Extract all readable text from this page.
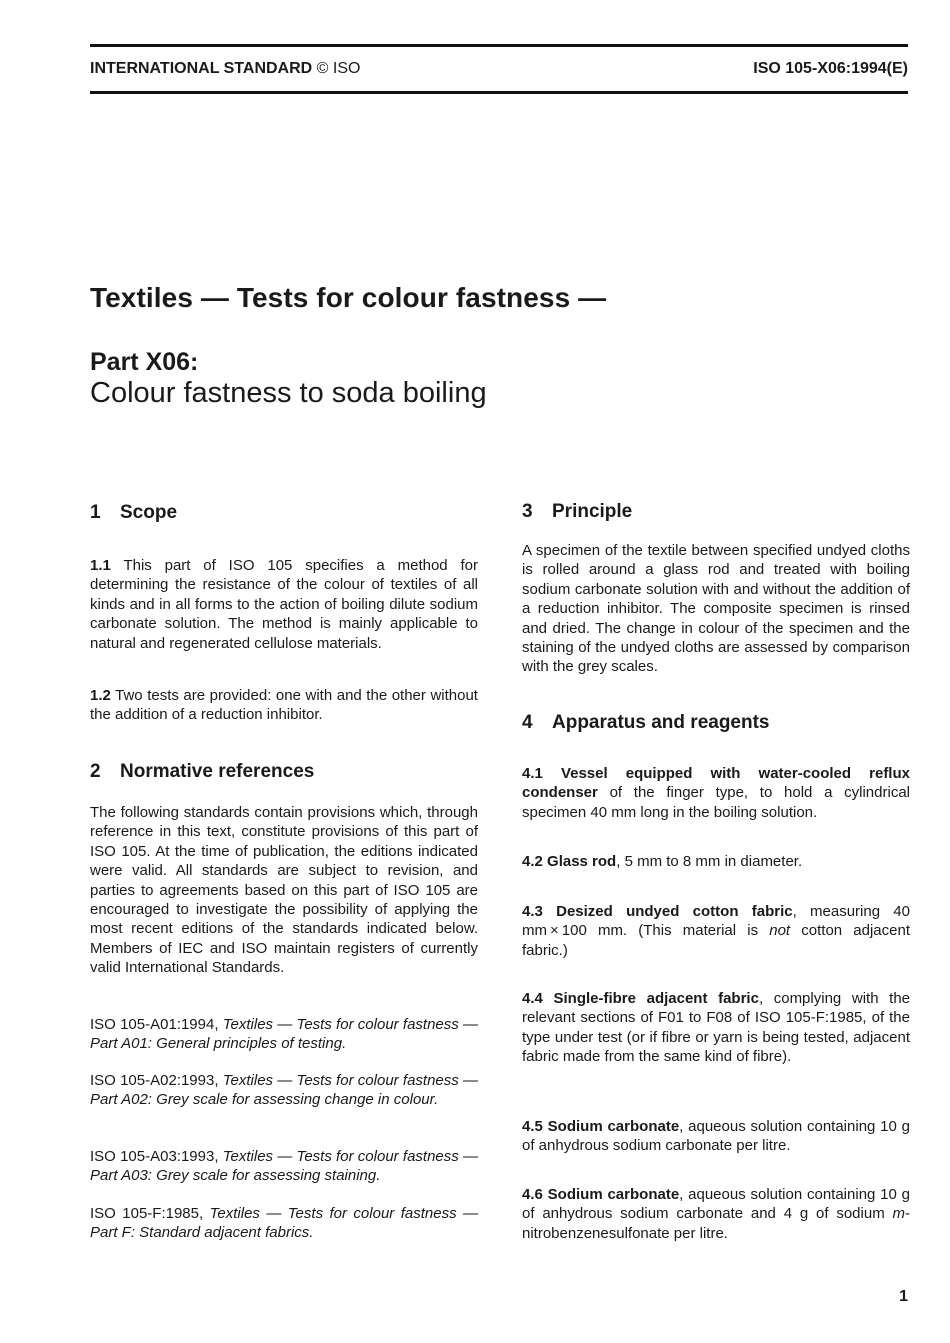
INTERNATIONAL STANDARD © ISO	ISO 105-X06:1994(E)
Textiles — Tests for colour fastness —
Part X06:
Colour fastness to soda boiling
1 Scope

1.1 This part of ISO 105 specifies a method for determining the resistance of the colour of textiles of all kinds and in all forms to the action of boiling dilute sodium carbonate solution. The method is mainly applicable to natural and regenerated cellulose materials.

1.2 Two tests are provided: one with and the other without the addition of a reduction inhibitor.

2 Normative references

The following standards contain provisions which, through reference in this text, constitute provisions of this part of ISO 105. At the time of publication, the editions indicated were valid. All standards are subject to revision, and parties to agreements based on this part of ISO 105 are encouraged to investigate the possibility of applying the most recent editions of the standards indicated below. Members of IEC and ISO maintain registers of currently valid International Standards.

ISO 105-A01:1994, Textiles — Tests for colour fastness — Part A01: General principles of testing.

ISO 105-A02:1993, Textiles — Tests for colour fastness — Part A02: Grey scale for assessing change in colour.

ISO 105-A03:1993, Textiles — Tests for colour fastness — Part A03: Grey scale for assessing staining.

ISO 105-F:1985, Textiles — Tests for colour fastness — Part F: Standard adjacent fabrics.

3 Principle

A specimen of the textile between specified undyed cloths is rolled around a glass rod and treated with boiling sodium carbonate solution with and without the addition of a reduction inhibitor. The composite specimen is rinsed and dried. The change in colour of the specimen and the staining of the undyed cloths are assessed by comparison with the grey scales.

4 Apparatus and reagents

4.1 Vessel equipped with water-cooled reflux condenser of the finger type, to hold a cylindrical specimen 40 mm long in the boiling solution.

4.2 Glass rod, 5 mm to 8 mm in diameter.

4.3 Desized undyed cotton fabric, measuring 40 mm × 100 mm. (This material is not cotton adjacent fabric.)

4.4 Single-fibre adjacent fabric, complying with the relevant sections of F01 to F08 of ISO 105-F:1985, of the type under test (or if fibre or yarn is being tested, adjacent fabric made from the same kind of fibre).

4.5 Sodium carbonate, aqueous solution containing 10 g of anhydrous sodium carbonate per litre.

4.6 Sodium carbonate, aqueous solution containing 10 g of anhydrous sodium carbonate and 4 g of sodium m-nitrobenzenesulfonate per litre.

1
